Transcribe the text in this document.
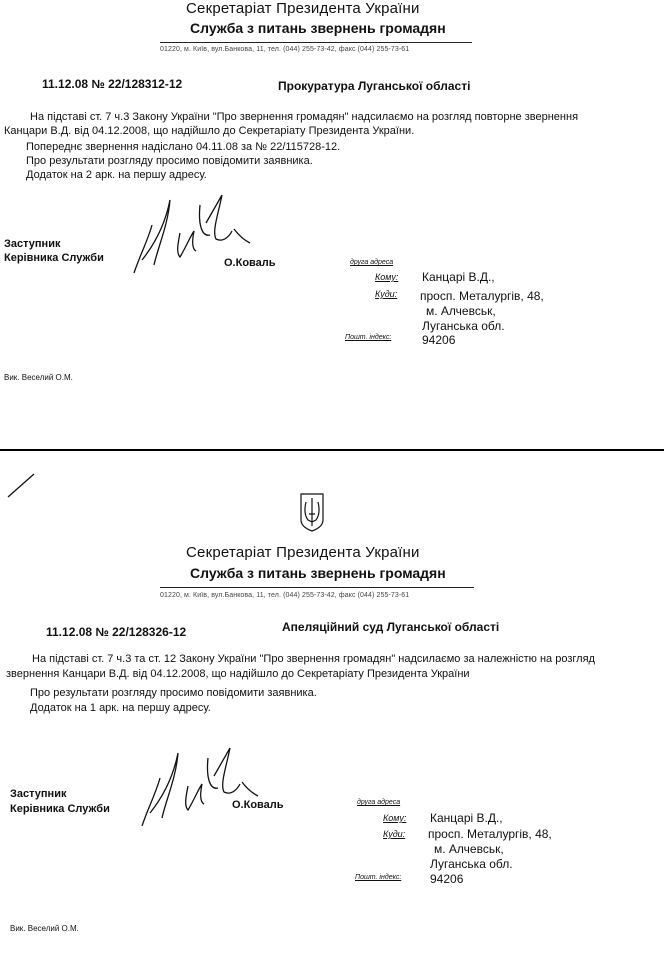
Секретаріат Президента України
Служба з питань звернень громадян
01220, м. Київ, вул.Банкова, 11, тел. (044) 255-73-42, факс (044) 255-73-61
11.12.08 № 22/128312-12	Прокуратура Луганської області
На підставі ст. 7 ч.3 Закону України "Про звернення громадян" надсилаємо на розгляд повторне звернення
Канцари В.Д. від 04.12.2008, що надійшло до Секретаріату Президента України.
Попереднє звернення надіслано 04.11.08 за № 22/115728-12.
Про результати розгляду просимо повідомити заявника.
Додаток на 2 арк. на першу адресу.
Заступник
Керівника Служби	О.Коваль	друга адреса
Кому: Канцарі В.Д.,
Куди: просп. Металургів, 48,
м. Алчевськ,
Луганська обл.
Пошт. індекс:	94206
Вик. Веселий О.М.
Секретаріат Президента України
Служба з питань звернень громадян
01220, м. Київ, вул.Банкова, 11, тел. (044) 255-73-42, факс (044) 255-73-61
11.12.08 № 22/128326-12	Апеляційний суд Луганської області
На підставі ст. 7 ч.3 та ст. 12 Закону України "Про звернення громадян" надсилаємо за належністю на розгляд
звернення Канцари В.Д. від 04.12.2008, що надійшло до Секретаріату Президента України
Про результати розгляду просимо повідомити заявника.
Додаток на 1 арк. на першу адресу.
Заступник
Керівника Служби	О.Коваль	друга адреса
Кому: Канцарі В.Д.,
Куди: просп. Металургів, 48,
м. Алчевськ,
Луганська обл.
Пошт. індекс: 94206
Вик. Веселий О.М.
